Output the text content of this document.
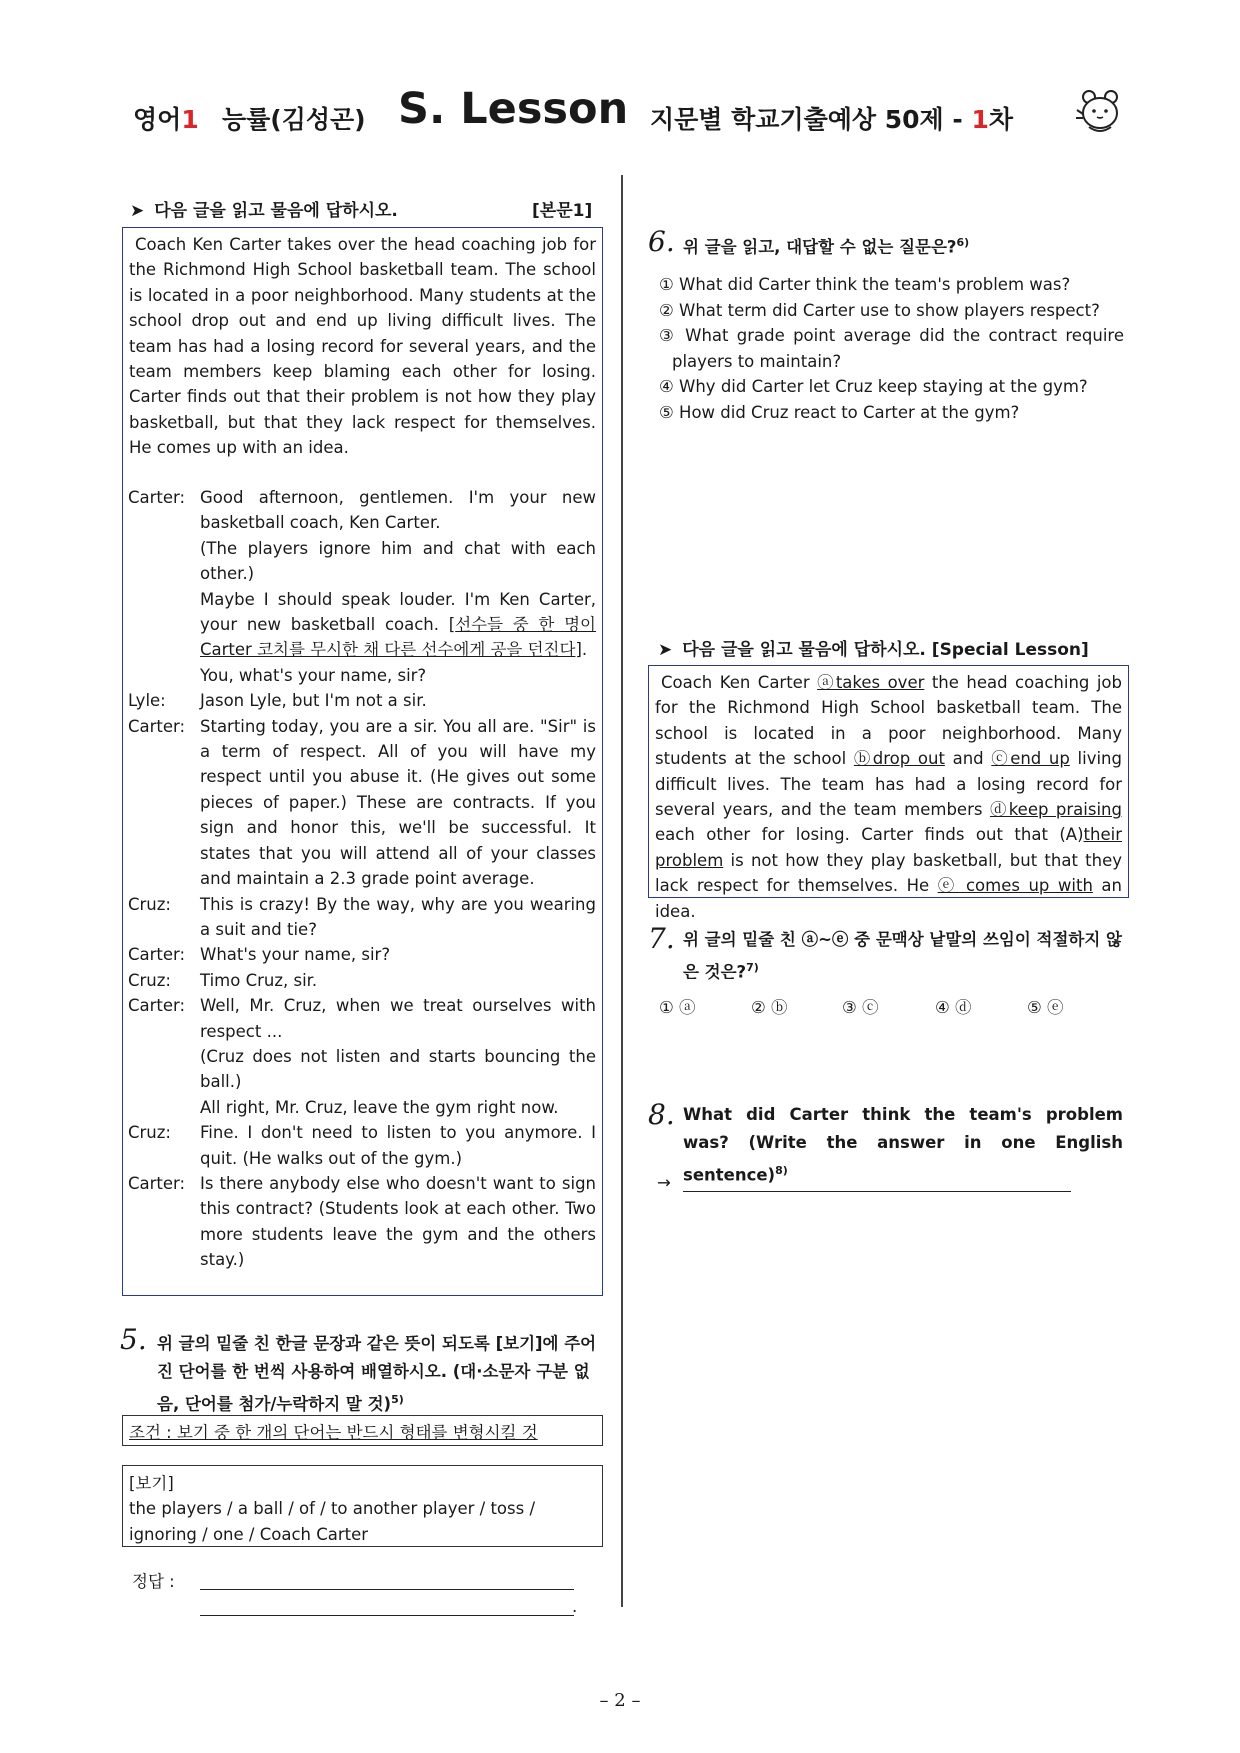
영어1 능률(김성곤) S. Lesson 지문별 학교기출예상 50제 - 1차
➤ 다음 글을 읽고 물음에 답하시오.	[본문1]
Coach Ken Carter takes over the head coaching job for the Richmond High School basketball team. The school is located in a poor neighborhood. Many students at the school drop out and end up living difficult lives. The team has had a losing record for several years, and the team members keep blaming each other for losing. Carter finds out that their problem is not how they play basketball, but that they lack respect for themselves. He comes up with an idea.
Carter: Good afternoon, gentlemen. I'm your new basketball coach, Ken Carter.
(The players ignore him and chat with each other.)
Maybe I should speak louder. I'm Ken Carter, your new basketball coach. [선수들 중 한 명이 Carter 코치를 무시한 채 다른 선수에게 공을 던진다].
You, what's your name, sir?
Lyle: Jason Lyle, but I'm not a sir.
Carter: Starting today, you are a sir. You all are. "Sir" is a term of respect. All of you will have my respect until you abuse it. (He gives out some pieces of paper.) These are contracts. If you sign and honor this, we'll be successful. It states that you will attend all of your classes and maintain a 2.3 grade point average.
Cruz: This is crazy! By the way, why are you wearing a suit and tie?
Carter: What's your name, sir?
Cruz: Timo Cruz, sir.
Carter: Well, Mr. Cruz, when we treat ourselves with respect ...
(Cruz does not listen and starts bouncing the ball.)
All right, Mr. Cruz, leave the gym right now.
Cruz: Fine. I don't need to listen to you anymore. I quit. (He walks out of the gym.)
Carter: Is there anybody else who doesn't want to sign this contract? (Students look at each other. Two more students leave the gym and the others stay.)
5. 위 글의 밑줄 친 한글 문장과 같은 뜻이 되도록 [보기]에 주어진 단어를 한 번씩 사용하여 배열하시오. (대·소문자 구분 없음, 단어를 첨가/누락하지 말 것)$^{5)}$
조건 : 보기 중 한 개의 단어는 반드시 형태를 변형시킬 것
[보기]
the players / a ball / of / to another player / toss / ignoring / one / Coach Carter
정답 :
.
6. 위 글을 읽고, 대답할 수 없는 질문은?$^{6)}$
① What did Carter think the team's problem was?
② What term did Carter use to show players respect?
③ What grade point average did the contract require
players to maintain?
④ Why did Carter let Cruz keep staying at the gym?
⑤ How did Cruz react to Carter at the gym?
➤ 다음 글을 읽고 물음에 답하시오. [Special Lesson]
Coach Ken Carter ⓐtakes over the head coaching job for the Richmond High School basketball team. The school is located in a poor neighborhood. Many students at the school ⓑdrop out and ⓒend up living difficult lives. The team has had a losing record for several years, and the team members ⓓkeep praising each other for losing. Carter finds out that (A)their problem is not how they play basketball, but that they lack respect for themselves. He ⓔ comes up with an idea.
7. 위 글의 밑줄 친 ⓐ~ⓔ 중 문맥상 낱말의 쓰임이 적절하지 않은 것은?$^{7)}$
① ⓐ	② ⓑ	③ ⓒ	④ ⓓ	⑤ ⓔ
8. What did Carter think the team's problem was? (Write the answer in one English sentence)$^{8)}$
→
– 2 –
